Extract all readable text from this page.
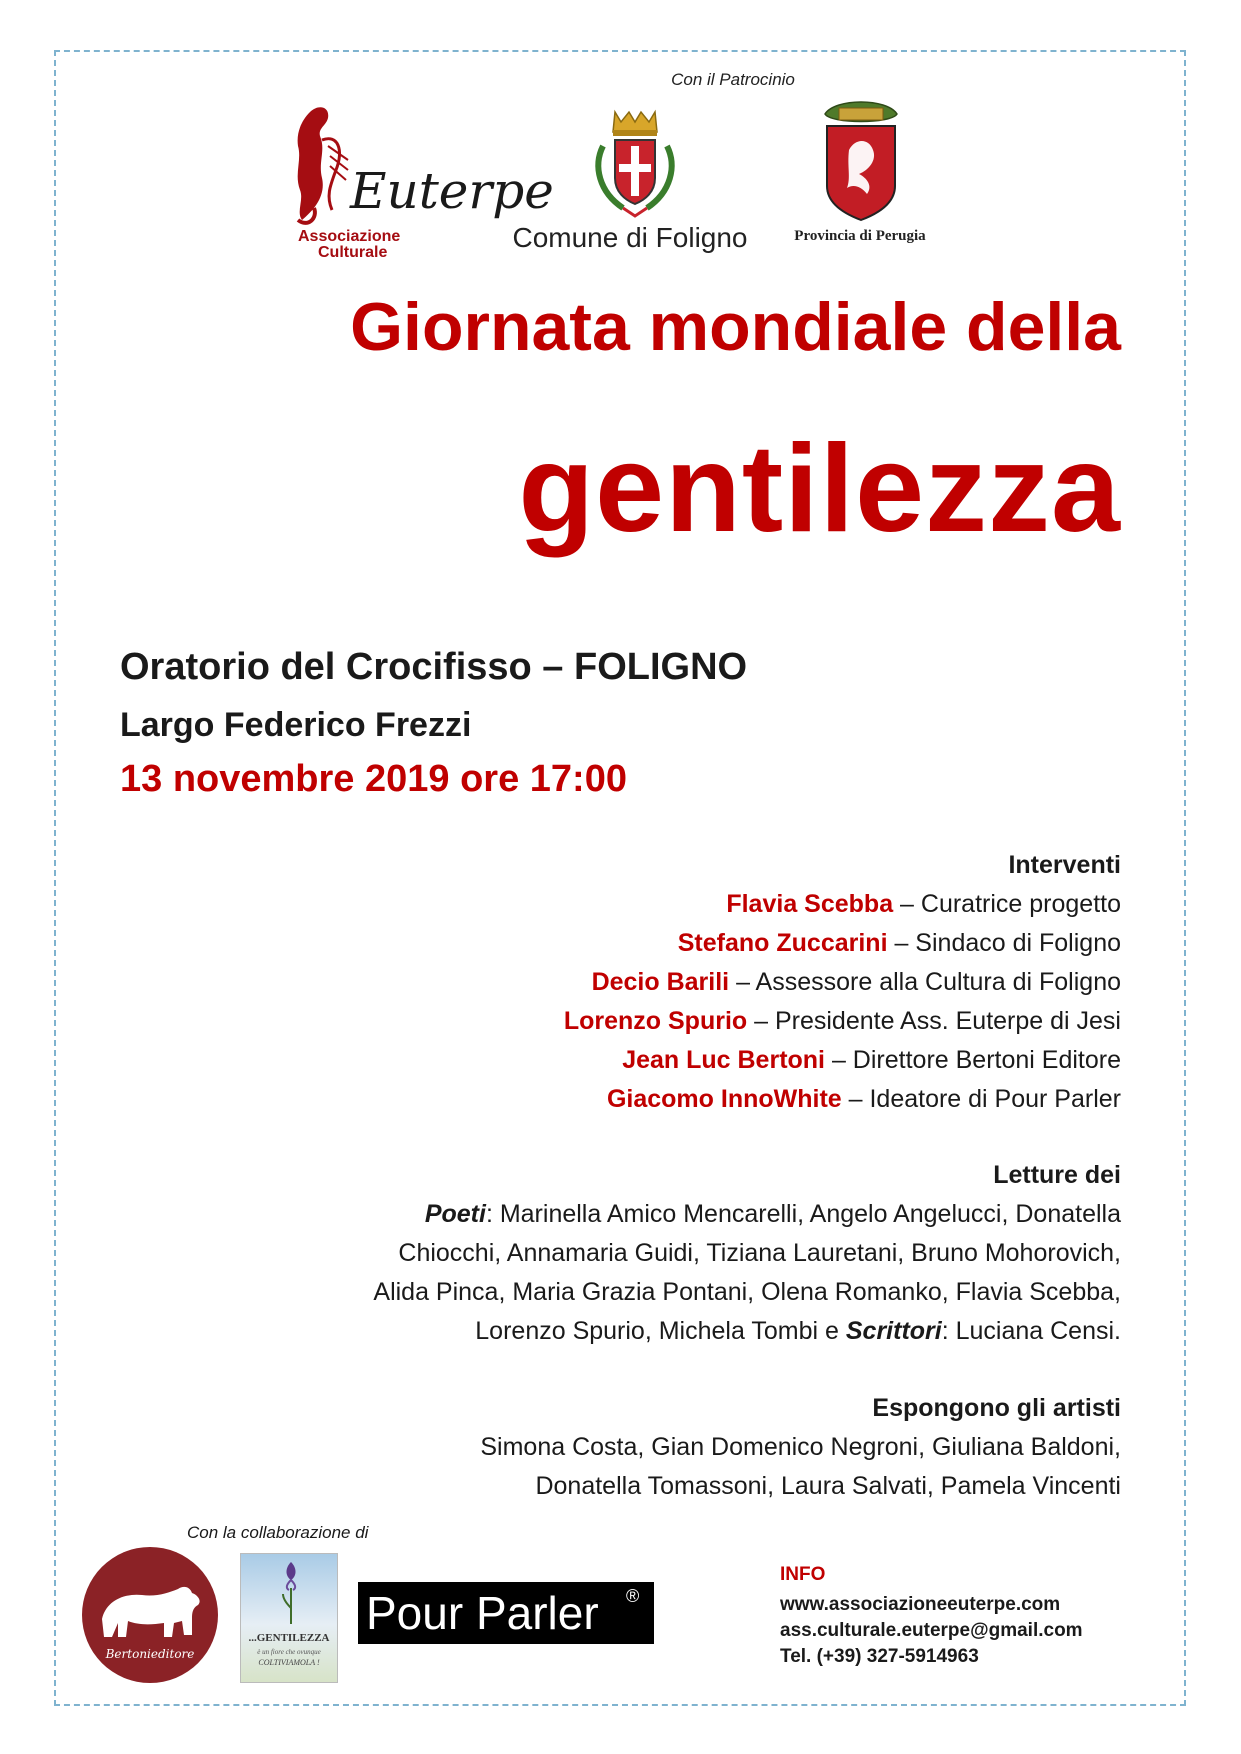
Con il Patrocinio
Euterpe
Associazione
Culturale	Comune di Foligno	Provincia di Perugia
Giornata mondiale della
gentilezza
Oratorio del Crocifisso – FOLIGNO
Largo Federico Frezzi
13 novembre 2019 ore 17:00
Interventi
Flavia Scebba – Curatrice progetto
Stefano Zuccarini – Sindaco di Foligno
Decio Barili – Assessore alla Cultura di Foligno
Lorenzo Spurio – Presidente Ass. Euterpe di Jesi
Jean Luc Bertoni – Direttore Bertoni Editore
Giacomo InnoWhite – Ideatore di Pour Parler
Letture dei
Poeti: Marinella Amico Mencarelli, Angelo Angelucci, Donatella
Chiocchi, Annamaria Guidi, Tiziana Lauretani, Bruno Mohorovich,
Alida Pinca, Maria Grazia Pontani, Olena Romanko, Flavia Scebba,
Lorenzo Spurio, Michela Tombi e Scrittori: Luciana Censi.
Espongono gli artisti
Simona Costa, Gian Domenico Negroni, Giuliana Baldoni,
Donatella Tomassoni, Laura Salvati, Pamela Vincenti
Con la collaborazione di
Bertonieditore
...GENTILEZZA
è un fiore che ovunque
COLTIVIAMOLA !
Pour Parler ®
INFO
www.associazioneeuterpe.com
ass.culturale.euterpe@gmail.com
Tel. (+39) 327-5914963
